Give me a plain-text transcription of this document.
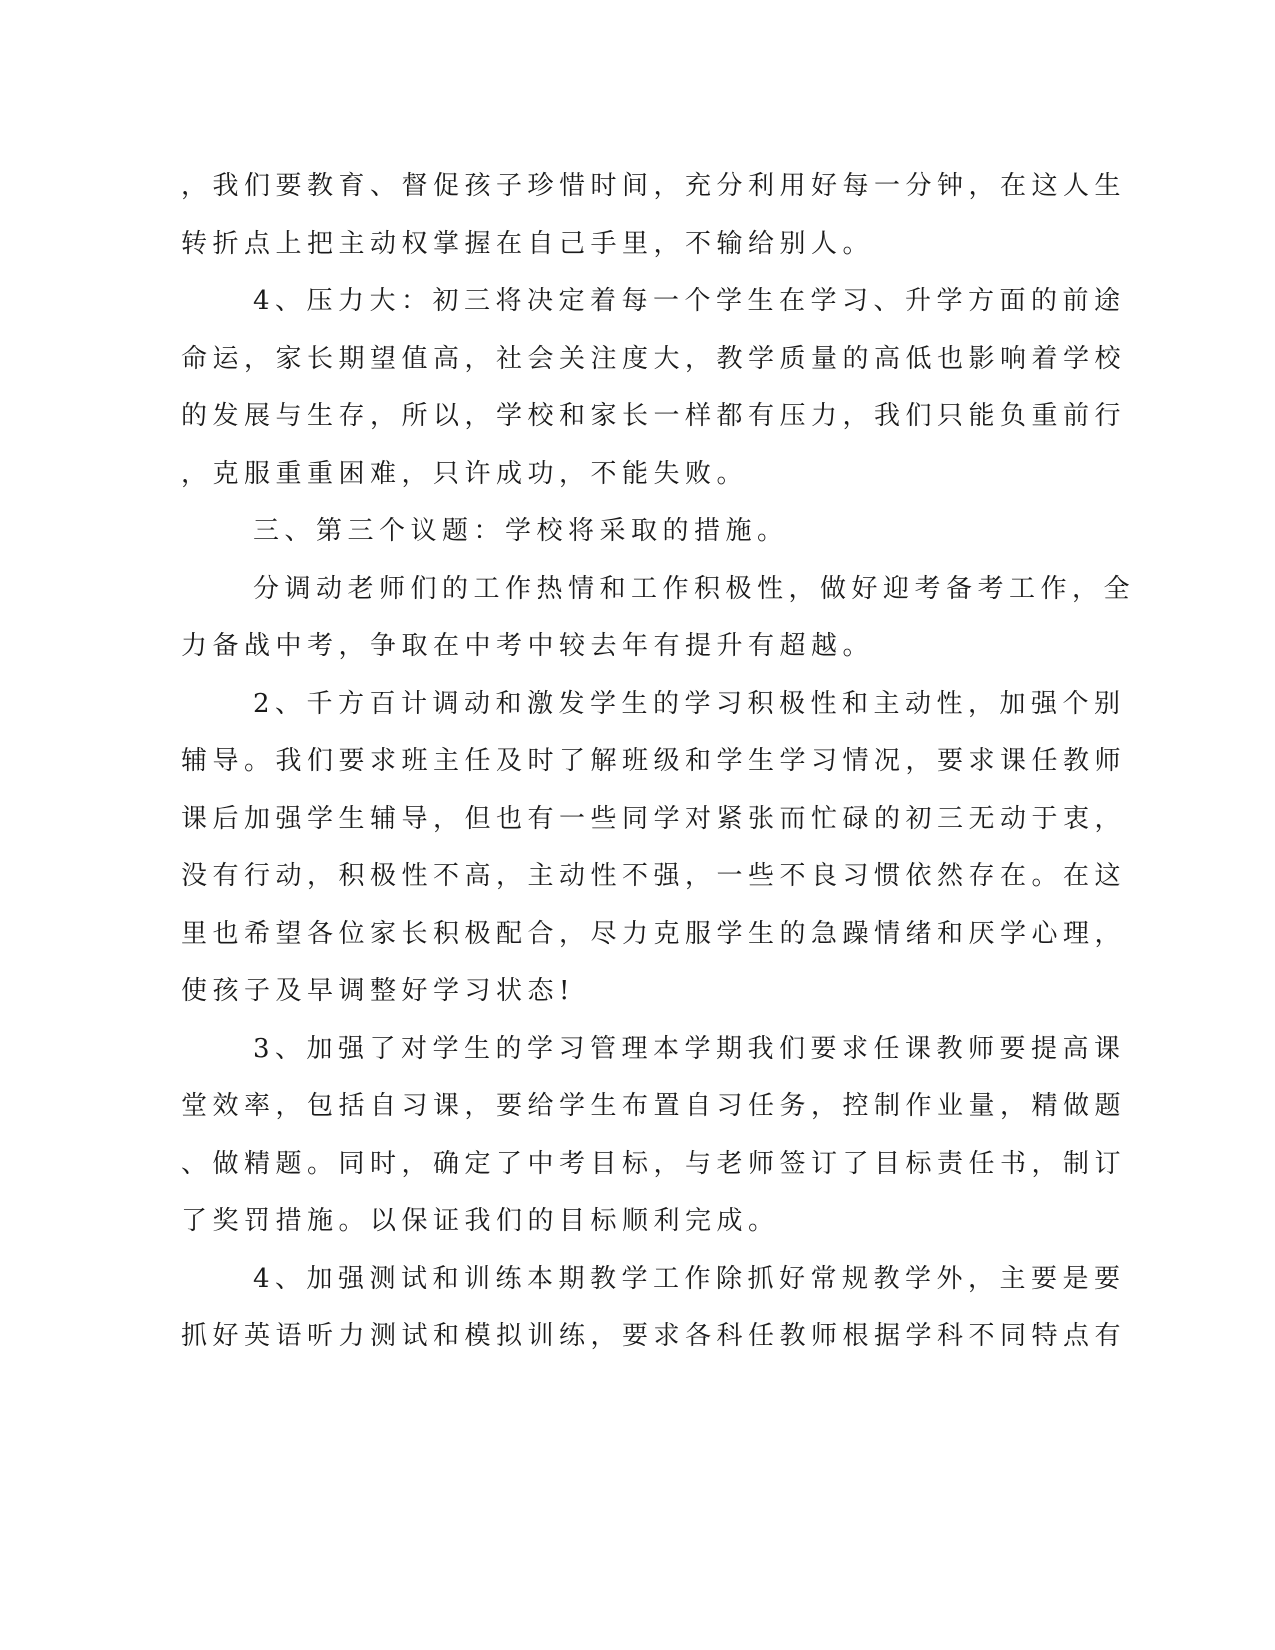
，我们要教育、督促孩子珍惜时间，充分利用好每一分钟，在这人生
转折点上把主动权掌握在自己手里，不输给别人。
4、压力大：初三将决定着每一个学生在学习、升学方面的前途
命运，家长期望值高，社会关注度大，教学质量的高低也影响着学校
的发展与生存，所以，学校和家长一样都有压力，我们只能负重前行
，克服重重困难，只许成功，不能失败。
三、第三个议题：学校将采取的措施。
分调动老师们的工作热情和工作积极性，做好迎考备考工作，全
力备战中考，争取在中考中较去年有提升有超越。
2、千方百计调动和激发学生的学习积极性和主动性，加强个别
辅导。我们要求班主任及时了解班级和学生学习情况，要求课任教师
课后加强学生辅导，但也有一些同学对紧张而忙碌的初三无动于衷，
没有行动，积极性不高，主动性不强，一些不良习惯依然存在。在这
里也希望各位家长积极配合，尽力克服学生的急躁情绪和厌学心理，
使孩子及早调整好学习状态!
3、加强了对学生的学习管理本学期我们要求任课教师要提高课
堂效率，包括自习课，要给学生布置自习任务，控制作业量，精做题
、做精题。同时，确定了中考目标，与老师签订了目标责任书，制订
了奖罚措施。以保证我们的目标顺利完成。
4、加强测试和训练本期教学工作除抓好常规教学外，主要是要
抓好英语听力测试和模拟训练，要求各科任教师根据学科不同特点有
